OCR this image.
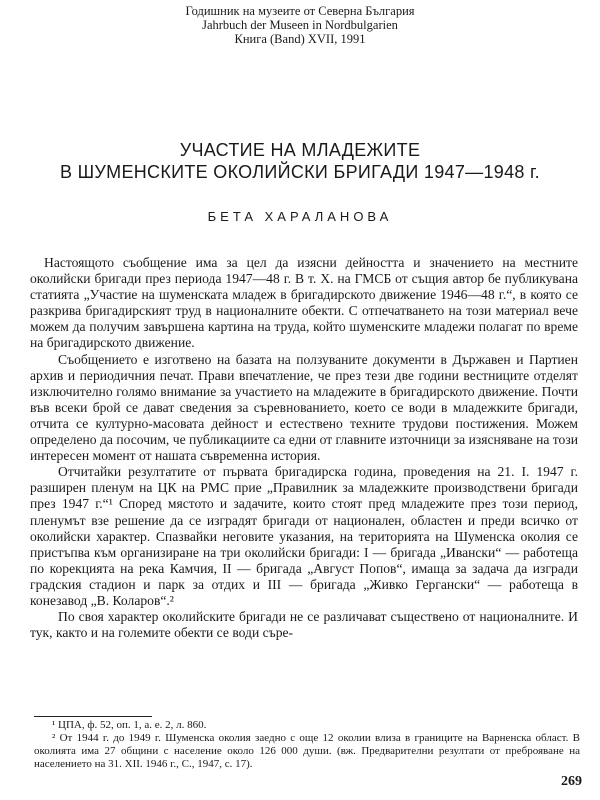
Годишник на музеите от Северна България
Jahrbuch der Museen in Nordbulgarien
Книга (Band) XVII, 1991
УЧАСТИЕ НА МЛАДЕЖИТЕ
В ШУМЕНСКИТЕ ОКОЛИЙСКИ БРИГАДИ 1947—1948 г.
БЕТА ХАРАЛАНОВА

Настоящото съобщение има за цел да изясни дейността и значението на местните околийски бригади през периода 1947—48 г. В т. Х. на ГМСБ от същия автор бе публикувана статията „Участие на шуменската младеж в бригадирското движение 1946—48 г.“, в която се разкрива бригадирският труд в националните обекти. С отпечатването на този материал вече можем да получим завършена картина на труда, който шуменските младежи полагат по време на бригадирското движение.

Съобщението е изготвено на базата на ползуваните документи в Държавен и Партиен архив и периодичния печат. Прави впечатление, че през тези две години вестниците отделят изключително голямо внимание за участието на младежите в бригадирското движение. Почти във всеки брой се дават сведения за съревнованието, което се води в младежките бригади, отчита се културно-масовата дейност и естествено техните трудови постижения. Можем определено да посочим, че публикациите са едни от главните източници за изясняване на този интересен момент от нашата съвременна история.

Отчитайки резултатите от първата бригадирска година, проведения на 21. I. 1947 г. разширен пленум на ЦК на РМС прие „Правилник за младежките производствени бригади през 1947 г.“¹ Според мястото и задачите, които стоят пред младежите през този период, пленумът взе решение да се изградят бригади от национален, областен и преди всичко от околийски характер. Спазвайки неговите указания, на територията на Шуменска околия се пристъпва към организиране на три околийски бригади: I — бригада „Ивански“ — работеща по корекцията на река Камчия, II — бригада „Август Попов“, имаща за задача да изгради градския стадион и парк за отдих и III — бригада „Живко Гергански“ — работеща в конезавод „В. Коларов“.²

По своя характер околийските бригади не се различават съществено от националните. И тук, както и на големите обекти се води съре-

¹ ЦПА, ф. 52, оп. 1, а. е. 2, л. 860.

² От 1944 г. до 1949 г. Шуменска околия заедно с още 12 околии влиза в границите на Варненска област. В околията има 27 общини с население около 126 000 души. (вж. Предварителни резултати от преброяване на населението на 31. XII. 1946 г., С., 1947, с. 17).

269
